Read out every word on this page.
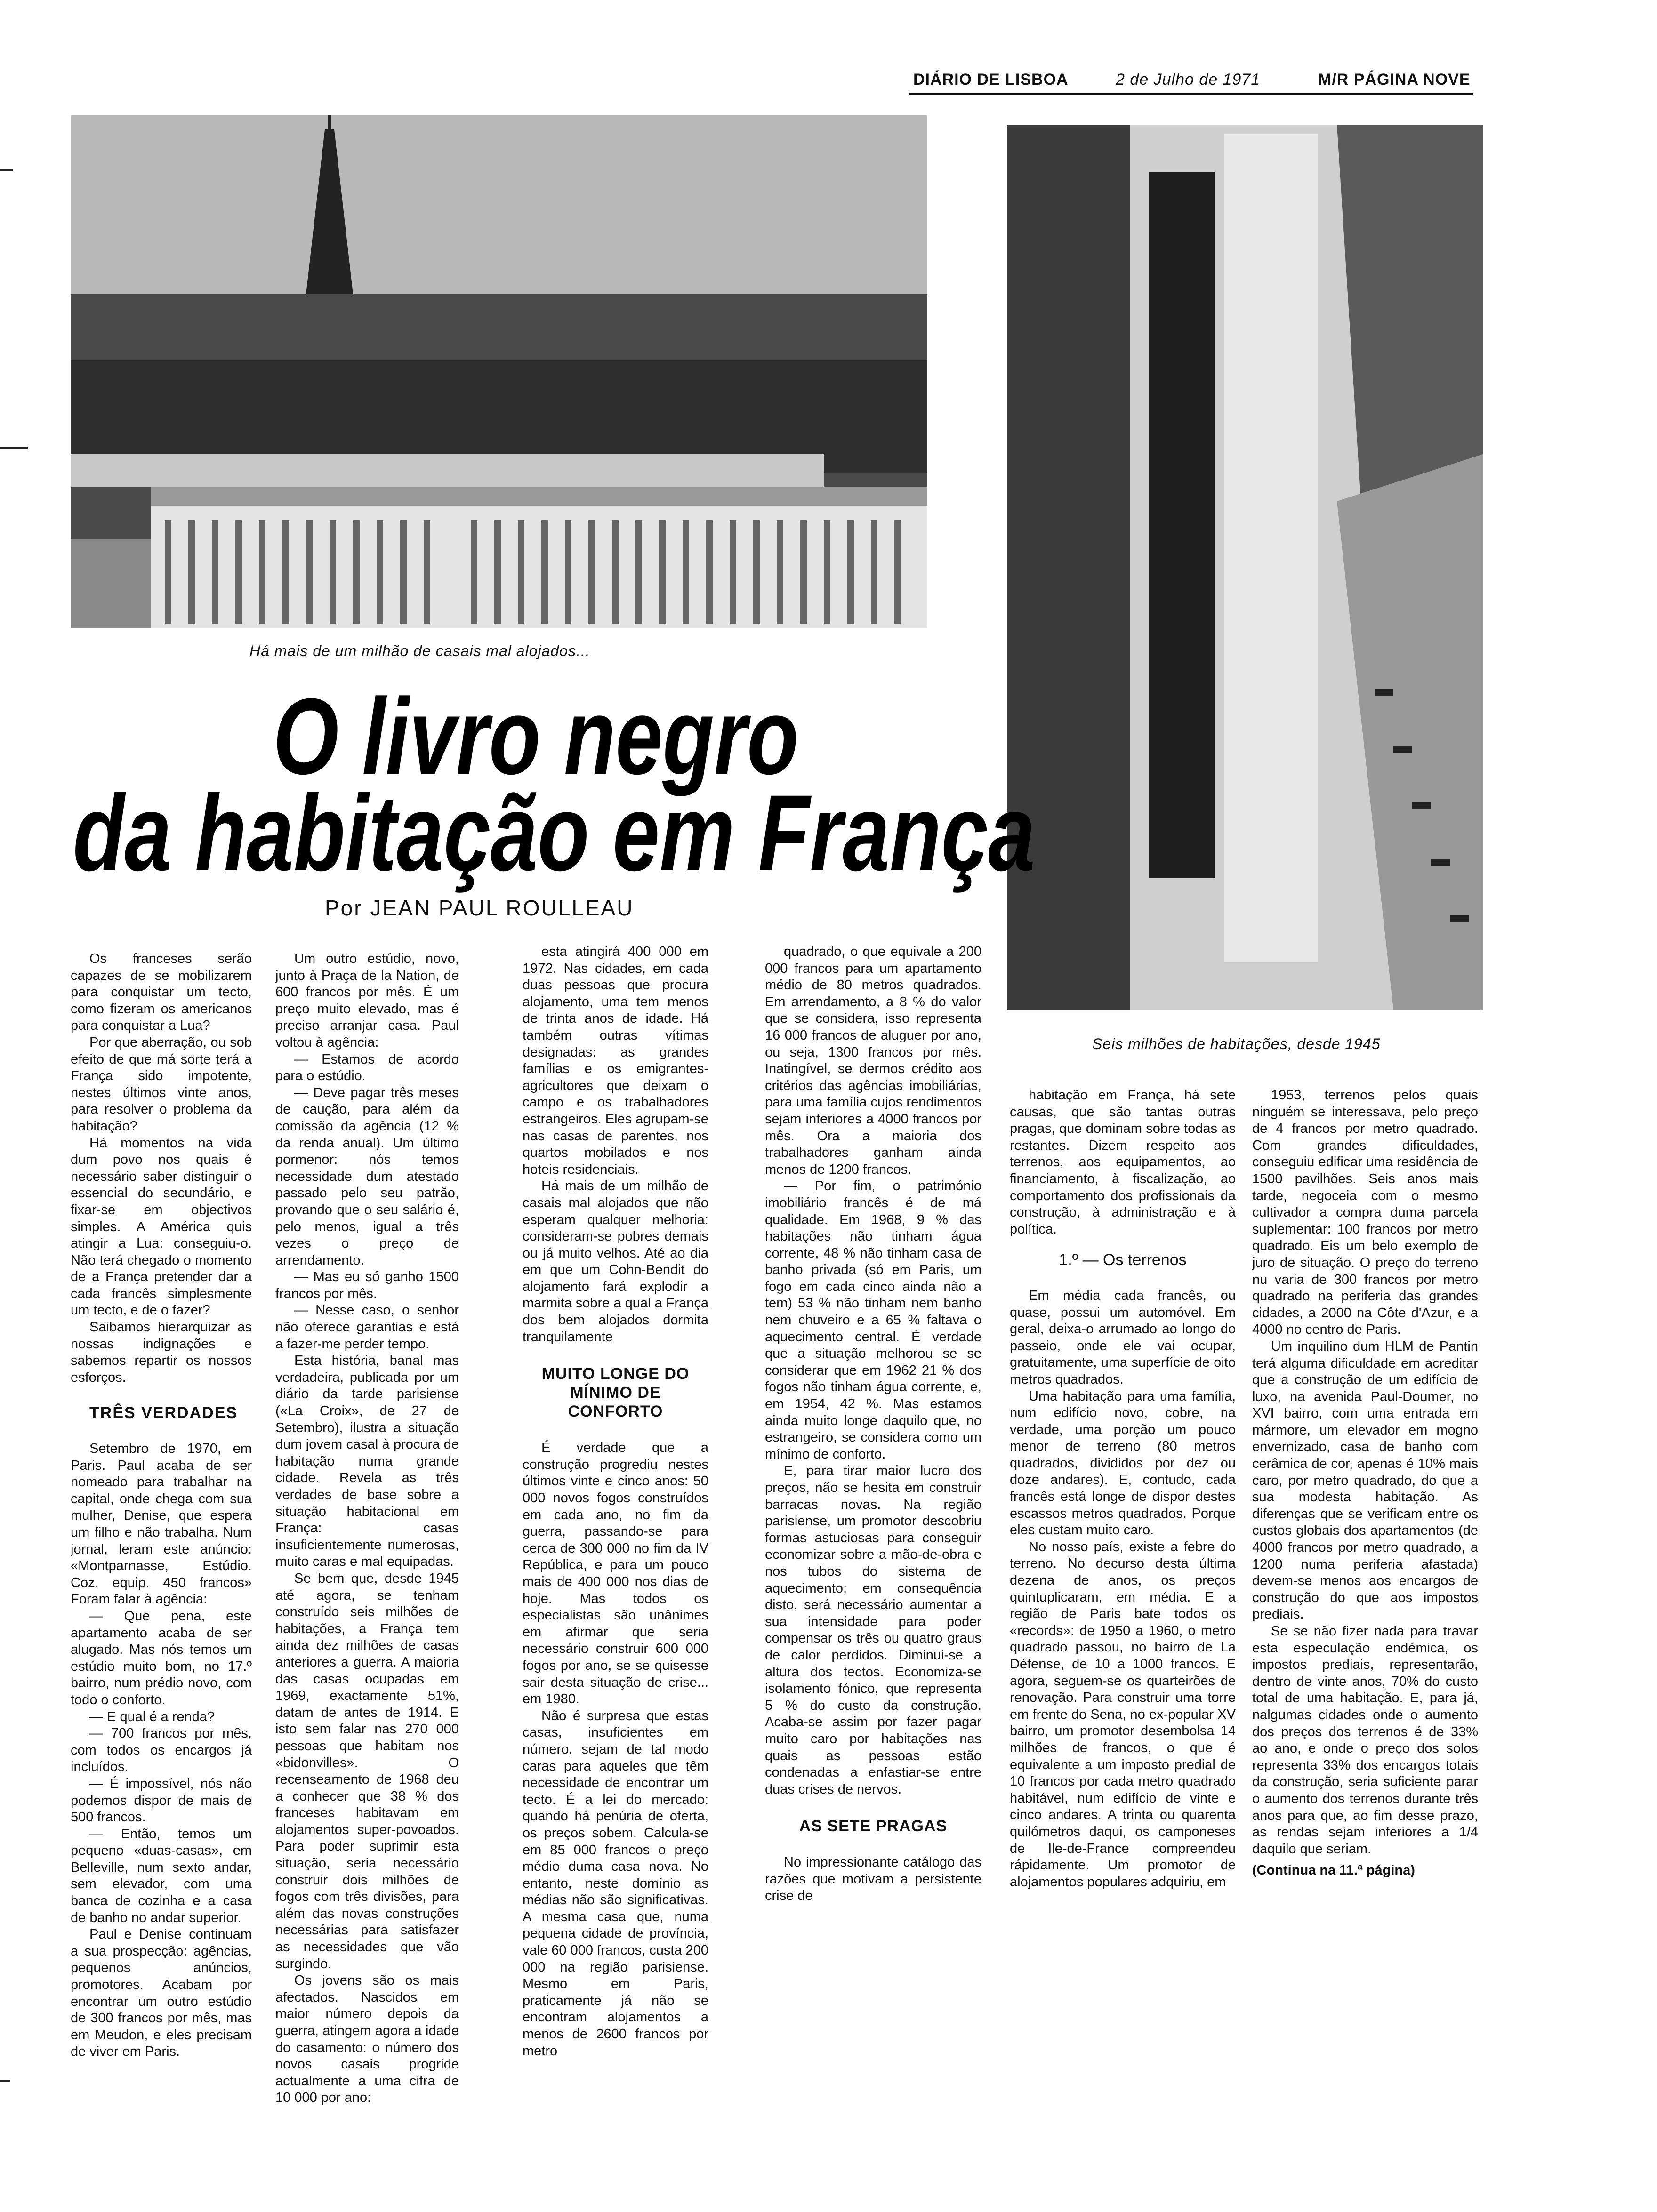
DIÁRIO DE LISBOA	2 de Julho de 1971	M/R PÁGINA NOVE
Há mais de um milhão de casais mal alojados...
Seis milhões de habitações, desde 1945
O livro negro
da habitação em França
Por JEAN PAUL ROULLEAU

Os franceses serão capazes de se mobilizarem para conquistar um tecto, como fizeram os americanos para conquistar a Lua?

Por que aberração, ou sob efeito de que má sorte terá a França sido impotente, nestes últimos vinte anos, para resolver o problema da habitação?

Há momentos na vida dum povo nos quais é necessário saber distinguir o essencial do secundário, e fixar-se em objectivos simples. A América quis atingir a Lua: conseguiu-o. Não terá chegado o momento de a França pretender dar a cada francês simplesmente um tecto, e de o fazer?

Saibamos hierarquizar as nossas indignações e sabemos repartir os nossos esforços.

TRÊS VERDADES

Setembro de 1970, em Paris. Paul acaba de ser nomeado para trabalhar na capital, onde chega com sua mulher, Denise, que espera um filho e não trabalha. Num jornal, leram este anúncio: «Montparnasse, Estúdio. Coz. equip. 450 francos» Foram falar à agência:

— Que pena, este apartamento acaba de ser alugado. Mas nós temos um estúdio muito bom, no 17.º bairro, num prédio novo, com todo o conforto.

— E qual é a renda?

— 700 francos por mês, com todos os encargos já incluídos.

— É impossível, nós não podemos dispor de mais de 500 francos.

— Então, temos um pequeno «duas-casas», em Belleville, num sexto andar, sem elevador, com uma banca de cozinha e a casa de banho no andar superior.

Paul e Denise continuam a sua prospecção: agências, pequenos anúncios, promotores. Acabam por encontrar um outro estúdio de 300 francos por mês, mas em Meudon, e eles precisam de viver em Paris.

Um outro estúdio, novo, junto à Praça de la Nation, de 600 francos por mês. É um preço muito elevado, mas é preciso arranjar casa. Paul voltou à agência:

— Estamos de acordo para o estúdio.

— Deve pagar três meses de caução, para além da comissão da agência (12 % da renda anual). Um último pormenor: nós temos necessidade dum atestado passado pelo seu patrão, provando que o seu salário é, pelo menos, igual a três vezes o preço de arrendamento.

— Mas eu só ganho 1500 francos por mês.

— Nesse caso, o senhor não oferece garantias e está a fazer-me perder tempo.

Esta história, banal mas verdadeira, publicada por um diário da tarde parisiense («La Croix», de 27 de Setembro), ilustra a situação dum jovem casal à procura de habitação numa grande cidade. Revela as três verdades de base sobre a situação habitacional em França: casas insuficientemente numerosas, muito caras e mal equipadas.

Se bem que, desde 1945 até agora, se tenham construído seis milhões de habitações, a França tem ainda dez milhões de casas anteriores a guerra. A maioria das casas ocupadas em 1969, exactamente 51%, datam de antes de 1914. E isto sem falar nas 270 000 pessoas que habitam nos «bidonvilles». O recenseamento de 1968 deu a conhecer que 38 % dos franceses habitavam em alojamentos super-povoados. Para poder suprimir esta situação, seria necessário construir dois milhões de fogos com três divisões, para além das novas construções necessárias para satisfazer as necessidades que vão surgindo.

Os jovens são os mais afectados. Nascidos em maior número depois da guerra, atingem agora a idade do casamento: o número dos novos casais progride actualmente a uma cifra de 10 000 por ano:

esta atingirá 400 000 em 1972. Nas cidades, em cada duas pessoas que procura alojamento, uma tem menos de trinta anos de idade. Há também outras vítimas designadas: as grandes famílias e os emigrantes-agricultores que deixam o campo e os trabalhadores estrangeiros. Eles agrupam-se nas casas de parentes, nos quartos mobilados e nos hoteis residenciais.

Há mais de um milhão de casais mal alojados que não esperam qualquer melhoria: consideram-se pobres demais ou já muito velhos. Até ao dia em que um Cohn-Bendit do alojamento fará explodir a marmita sobre a qual a França dos bem alojados dormita tranquilamente

MUITO LONGE DO MÍNIMO DE CONFORTO

É verdade que a construção progrediu nestes últimos vinte e cinco anos: 50 000 novos fogos construídos em cada ano, no fim da guerra, passando-se para cerca de 300 000 no fim da IV República, e para um pouco mais de 400 000 nos dias de hoje. Mas todos os especialistas são unânimes em afirmar que seria necessário construir 600 000 fogos por ano, se se quisesse sair desta situação de crise... em 1980.

Não é surpresa que estas casas, insuficientes em número, sejam de tal modo caras para aqueles que têm necessidade de encontrar um tecto. É a lei do mercado: quando há penúria de oferta, os preços sobem. Calcula-se em 85 000 francos o preço médio duma casa nova. No entanto, neste domínio as médias não são significativas. A mesma casa que, numa pequena cidade de província, vale 60 000 francos, custa 200 000 na região parisiense. Mesmo em Paris, praticamente já não se encontram alojamentos a menos de 2600 francos por metro

quadrado, o que equivale a 200 000 francos para um apartamento médio de 80 metros quadrados. Em arrendamento, a 8 % do valor que se considera, isso representa 16 000 francos de aluguer por ano, ou seja, 1300 francos por mês. Inatingível, se dermos crédito aos critérios das agências imobiliárias, para uma família cujos rendimentos sejam inferiores a 4000 francos por mês. Ora a maioria dos trabalhadores ganham ainda menos de 1200 francos.

— Por fim, o património imobiliário francês é de má qualidade. Em 1968, 9 % das habitações não tinham água corrente, 48 % não tinham casa de banho privada (só em Paris, um fogo em cada cinco ainda não a tem) 53 % não tinham nem banho nem chuveiro e a 65 % faltava o aquecimento central. É verdade que a situação melhorou se se considerar que em 1962 21 % dos fogos não tinham água corrente, e, em 1954, 42 %. Mas estamos ainda muito longe daquilo que, no estrangeiro, se considera como um mínimo de conforto.

E, para tirar maior lucro dos preços, não se hesita em construir barracas novas. Na região parisiense, um promotor descobriu formas astuciosas para conseguir economizar sobre a mão-de-obra e nos tubos do sistema de aquecimento; em consequência disto, será necessário aumentar a sua intensidade para poder compensar os três ou quatro graus de calor perdidos. Diminui-se a altura dos tectos. Economiza-se isolamento fónico, que representa 5 % do custo da construção. Acaba-se assim por fazer pagar muito caro por habitações nas quais as pessoas estão condenadas a enfastiar-se entre duas crises de nervos.

AS SETE PRAGAS

No impressionante catálogo das razões que motivam a persistente crise de

habitação em França, há sete causas, que são tantas outras pragas, que dominam sobre todas as restantes. Dizem respeito aos terrenos, aos equipamentos, ao financiamento, à fiscalização, ao comportamento dos profissionais da construção, à administração e à política.

1.º — Os terrenos

Em média cada francês, ou quase, possui um automóvel. Em geral, deixa-o arrumado ao longo do passeio, onde ele vai ocupar, gratuitamente, uma superfície de oito metros quadrados.

Uma habitação para uma família, num edifício novo, cobre, na verdade, uma porção um pouco menor de terreno (80 metros quadrados, divididos por dez ou doze andares). E, contudo, cada francês está longe de dispor destes escassos metros quadrados. Porque eles custam muito caro.

No nosso país, existe a febre do terreno. No decurso desta última dezena de anos, os preços quintuplicaram, em média. E a região de Paris bate todos os «records»: de 1950 a 1960, o metro quadrado passou, no bairro de La Défense, de 10 a 1000 francos. E agora, seguem-se os quarteirões de renovação. Para construir uma torre em frente do Sena, no ex-popular XV bairro, um promotor desembolsa 14 milhões de francos, o que é equivalente a um imposto predial de 10 francos por cada metro quadrado habitável, num edifício de vinte e cinco andares. A trinta ou quarenta quilómetros daqui, os camponeses de Ile-de-France compreendeu rápidamente. Um promotor de alojamentos populares adquiriu, em

1953, terrenos pelos quais ninguém se interessava, pelo preço de 4 francos por metro quadrado. Com grandes dificuldades, conseguiu edificar uma residência de 1500 pavilhões. Seis anos mais tarde, negoceia com o mesmo cultivador a compra duma parcela suplementar: 100 francos por metro quadrado. Eis um belo exemplo de juro de situação. O preço do terreno nu varia de 300 francos por metro quadrado na periferia das grandes cidades, a 2000 na Côte d'Azur, e a 4000 no centro de Paris.

Um inquilino dum HLM de Pantin terá alguma dificuldade em acreditar que a construção de um edifício de luxo, na avenida Paul-Doumer, no XVI bairro, com uma entrada em mármore, um elevador em mogno envernizado, casa de banho com cerâmica de cor, apenas é 10% mais caro, por metro quadrado, do que a sua modesta habitação. As diferenças que se verificam entre os custos globais dos apartamentos (de 4000 francos por metro quadrado, a 1200 numa periferia afastada) devem-se menos aos encargos de construção do que aos impostos prediais.

Se se não fizer nada para travar esta especulação endémica, os impostos prediais, representarão, dentro de vinte anos, 70% do custo total de uma habitação. E, para já, nalgumas cidades onde o aumento dos preços dos terrenos é de 33% ao ano, e onde o preço dos solos representa 33% dos encargos totais da construção, seria suficiente parar o aumento dos terrenos durante três anos para que, ao fim desse prazo, as rendas sejam inferiores a 1/4 daquilo que seriam.

(Continua na 11.ª página)
